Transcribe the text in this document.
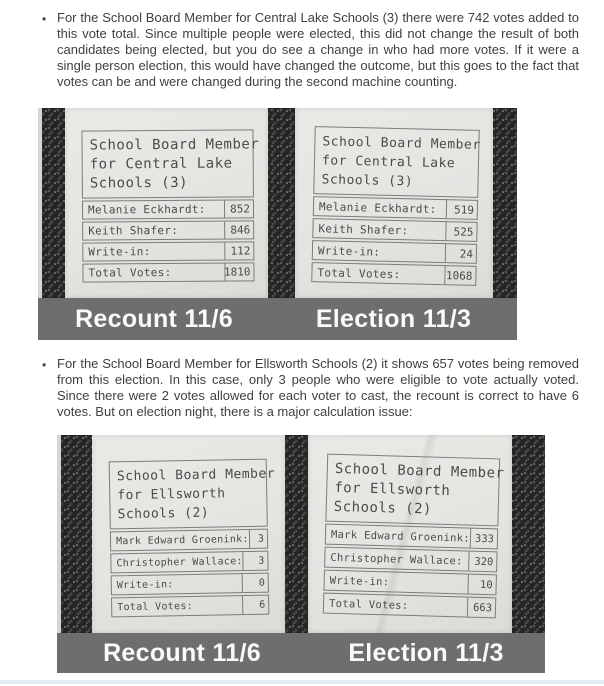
• For the School Board Member for Central Lake Schools (3) there were 742 votes added to this vote total. Since multiple people were elected, this did not change the result of both candidates being elected, but you do see a change in who had more votes. If it were a single person election, this would have changed the outcome, but this goes to the fact that votes can be and were changed during the second machine counting.
School Board Member
for Central Lake
Schools (3)
Melanie Eckhardt:	852
Keith Shafer:	846
Write-in:	112
Total Votes:	1810
School Board Member
for Central Lake
Schools (3)
Melanie Eckhardt:	519
Keith Shafer:	525
Write-in:	24
Total Votes:	1068
Recount 11/6	Election 11/3
• For the School Board Member for Ellsworth Schools (2) it shows 657 votes being removed from this election. In this case, only 3 people who were eligible to vote actually voted. Since there were 2 votes allowed for each voter to cast, the recount is correct to have 6 votes. But on election night, there is a major calculation issue:
School Board Member
for Ellsworth
Schools (2)
Mark Edward Groenink: 3
Christopher Wallace:	3
Write-in:	0
Total Votes:	6
School Board Member
for Ellsworth
Schools (2)
Mark Edward Groenink: 333
Christopher Wallace:	320
Write-in:	10
Total Votes:	663
Recount 11/6	Election 11/3
